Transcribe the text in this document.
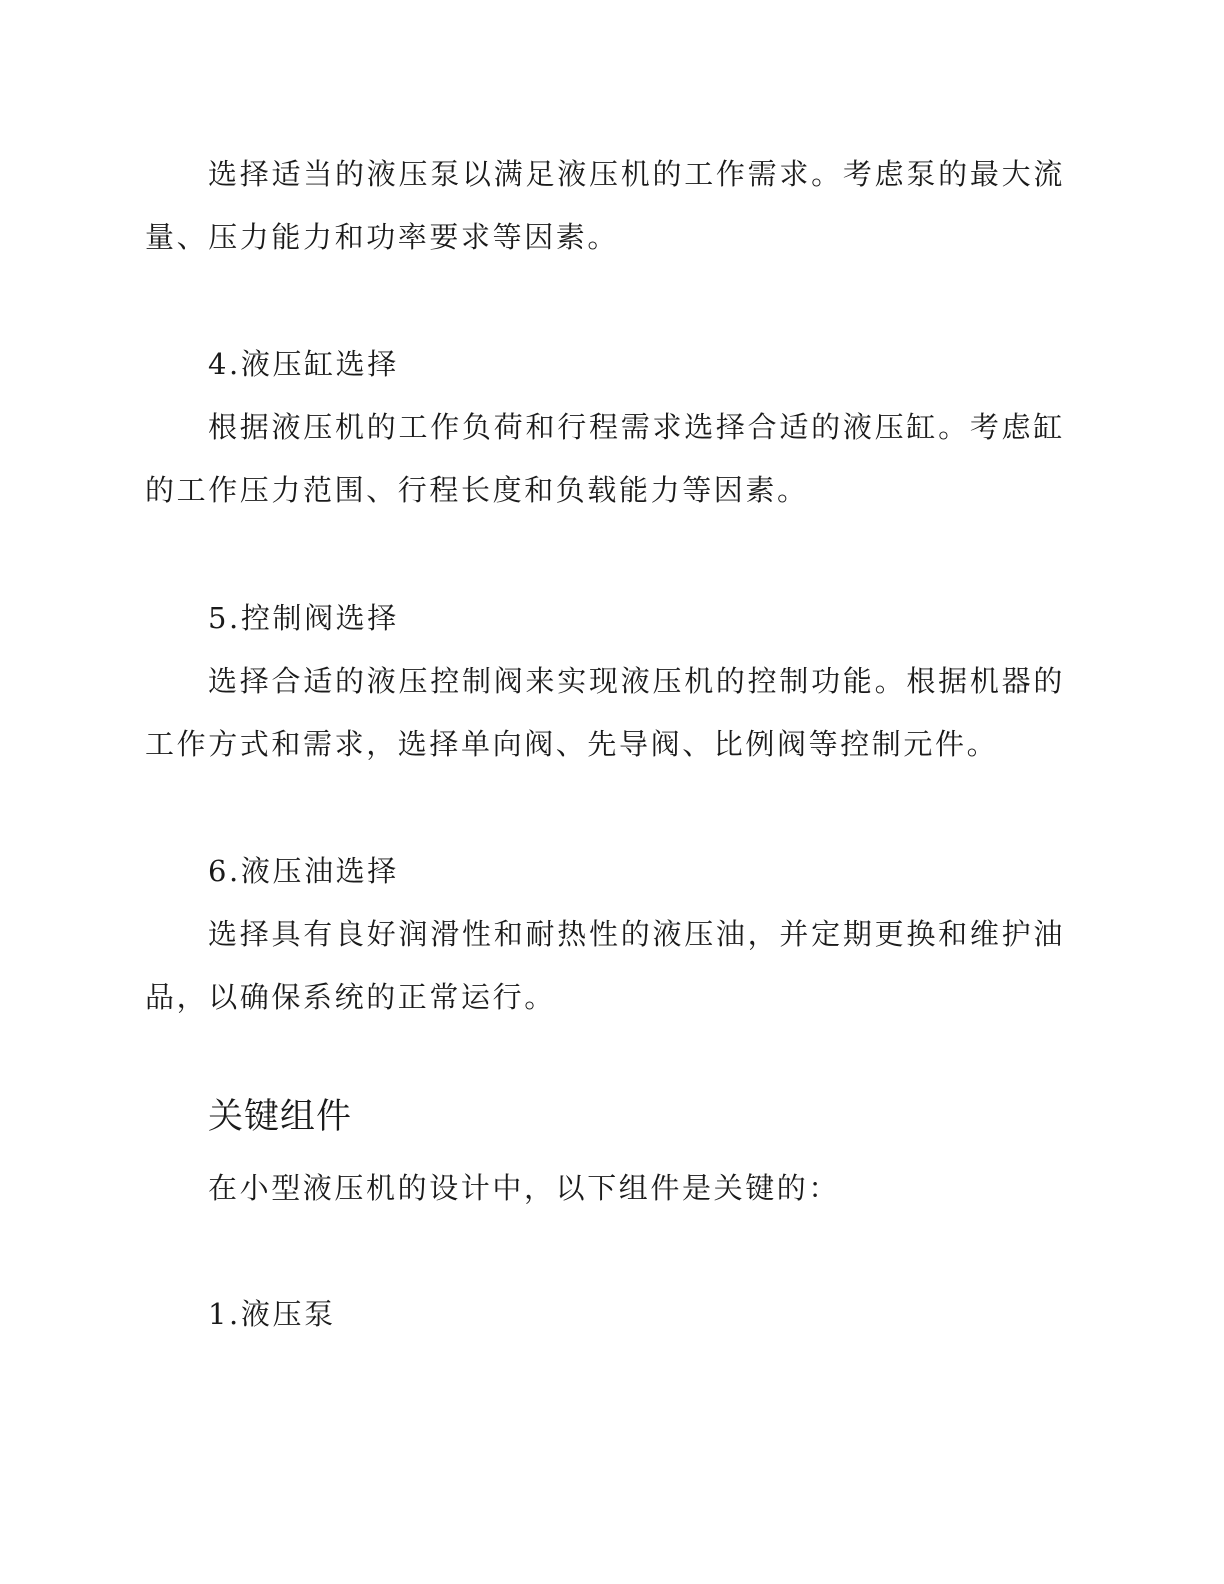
选择适当的液压泵以满足液压机的工作需求。考虑泵的最大流量、压力能力和功率要求等因素。

4.液压缸选择

根据液压机的工作负荷和行程需求选择合适的液压缸。考虑缸的工作压力范围、行程长度和负载能力等因素。

5.控制阀选择

选择合适的液压控制阀来实现液压机的控制功能。根据机器的工作方式和需求，选择单向阀、先导阀、比例阀等控制元件。

6.液压油选择

选择具有良好润滑性和耐热性的液压油，并定期更换和维护油品，以确保系统的正常运行。

关键组件

在小型液压机的设计中，以下组件是关键的：

1.液压泵
